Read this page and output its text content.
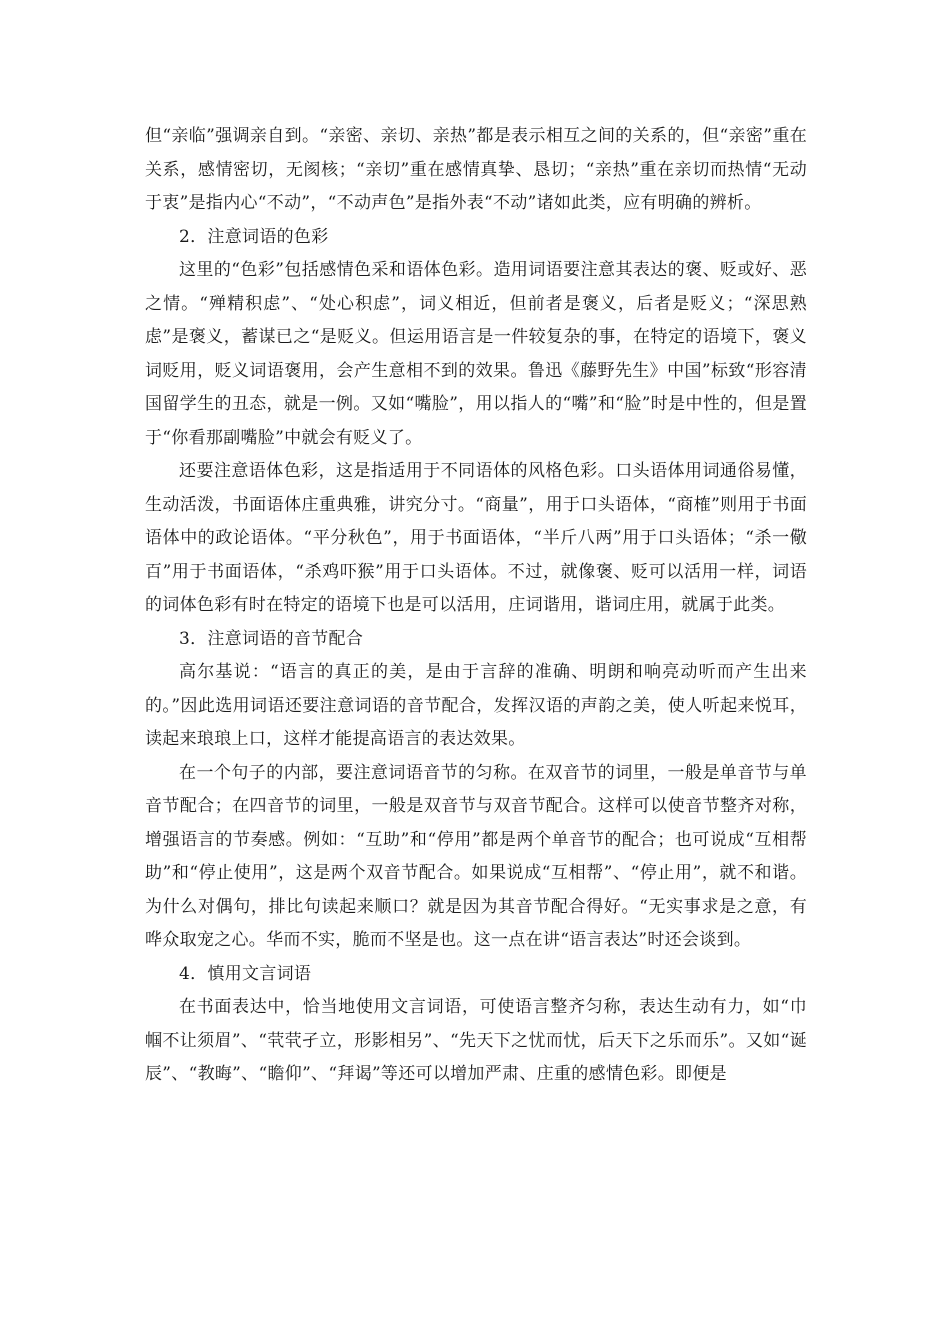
但“亲临”强调亲自到。“亲密、亲切、亲热”都是表示相互之间的关系的，但“亲密”重在关系，感情密切，无阂核；“亲切”重在感情真挚、恳切；“亲热”重在亲切而热情“无动于衷”是指内心“不动”，“不动声色”是指外表“不动”诸如此类，应有明确的辨析。

2．注意词语的色彩

这里的“色彩”包括感情色采和语体色彩。造用词语要注意其表达的褒、贬或好、恶之情。“殚精积虑”、“处心积虑”，词义相近，但前者是褒义，后者是贬义；“深思熟虑”是褒义，蓄谋已之“是贬义。但运用语言是一件较复杂的事，在特定的语境下，褒义词贬用，贬义词语褒用，会产生意相不到的效果。鲁迅《藤野先生》中国”标致“形容清国留学生的丑态，就是一例。又如“嘴脸”，用以指人的“嘴”和“脸”时是中性的，但是置于“你看那副嘴脸”中就会有贬义了。

还要注意语体色彩，这是指适用于不同语体的风格色彩。口头语体用词通俗易懂，生动活泼，书面语体庄重典雅，讲究分寸。“商量”，用于口头语体，“商榷”则用于书面语体中的政论语体。“平分秋色”，用于书面语体，“半斤八两”用于口头语体；“杀一儆百”用于书面语体，“杀鸡吓猴”用于口头语体。不过，就像褒、贬可以活用一样，词语的词体色彩有时在特定的语境下也是可以活用，庄词谐用，谐词庄用，就属于此类。

3．注意词语的音节配合

高尔基说：“语言的真正的美，是由于言辞的准确、明朗和响亮动听而产生出来的。”因此选用词语还要注意词语的音节配合，发挥汉语的声韵之美，使人听起来悦耳，读起来琅琅上口，这样才能提高语言的表达效果。

在一个句子的内部，要注意词语音节的匀称。在双音节的词里，一般是单音节与单音节配合；在四音节的词里，一般是双音节与双音节配合。这样可以使音节整齐对称，增强语言的节奏感。例如：“互助”和“停用”都是两个单音节的配合；也可说成“互相帮助”和“停止使用”，这是两个双音节配合。如果说成“互相帮”、“停止用”，就不和谐。为什么对偶句，排比句读起来顺口？就是因为其音节配合得好。“无实事求是之意，有哗众取宠之心。华而不实，脆而不坚是也。这一点在讲“语言表达”时还会谈到。

4．慎用文言词语

在书面表达中，恰当地使用文言词语，可使语言整齐匀称，表达生动有力，如“巾帼不让须眉”、“茕茕孑立，形影相另”、“先天下之忧而忧，后天下之乐而乐”。又如“诞辰”、“教晦”、“瞻仰”、“拜谒”等还可以增加严肃、庄重的感情色彩。即便是
